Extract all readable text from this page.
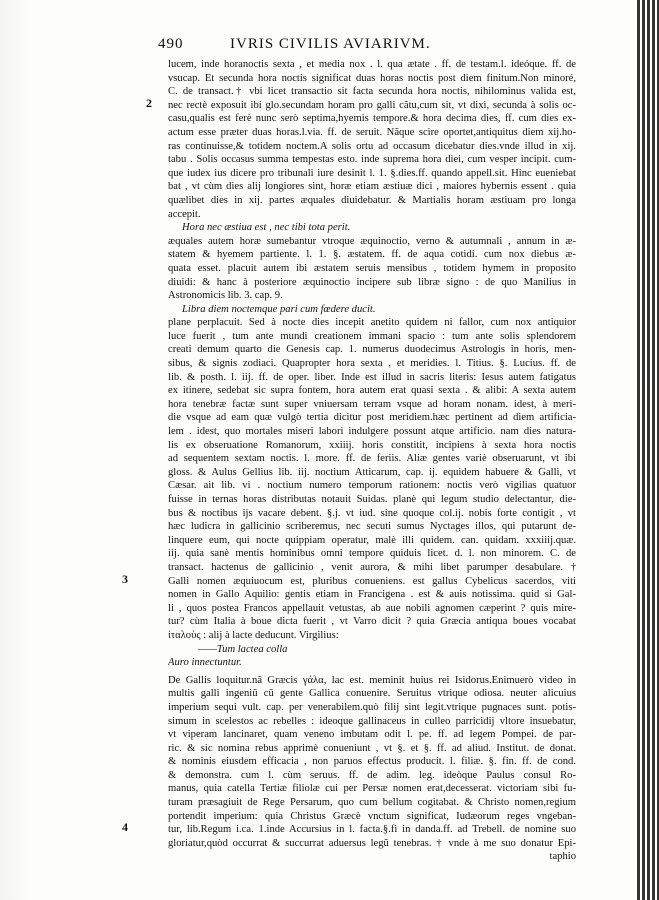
490	IVRIS CIVILIS AVIARIVM.
2
3
4
lucem, inde horanoctis sexta , et media nox . l. qua ætate . ff. de testam.l. ideóque. ff. de
vsucap. Et secunda hora noctis significat duas horas noctis post diem finitum.Non minoré,
C. de transact.† vbi licet transactio sit facta secunda hora noctis, nihilominus valida est,
nec rectè exposuit ibi glo.secundam horam pro galli cãtu,cum sit, vt dixi, secunda à solis oc-
casu,qualis est ferè nunc serò septima,hyemis tempore.& hora decima dies, ff. cum dies ex-
actum esse præter duas horas.l.via. ff. de seruit. Nãque scire oportet,antiquitus diem xij.ho-
ras continuisse,& totidem noctem.A solis ortu ad occasum dicebatur dies.vnde illud in xij.
tabu . Solis occasus summa tempestas esto. inde suprema hora diei, cum vesper incipit. cum-
que iudex ius dicere pro tribunali iure desinit l. 1. §.dies.ff. quando appell.sit. Hinc eueniebat
bat , vt cùm dies alij longiores sint, horæ etiam æstiuæ dici , maiores hybernis essent . quia
quælibet dies in xij. partes æquales diuidebatur. & Martialis horam æstiuam pro longa
accepit.
Hora nec æstiua est , nec tibi tota perit.
æquales autem horæ sumebantur vtroque æquinoctio, verno & autumnali , annum in æ-
statem & hyemem partiente. l. 1. §. æstatem. ff. de aqua cotidi. cum nox diebus æ-
quata esset. placuit autem ibi æstatem seruis mensibus , totidem hymem in proposito
diuidi: & hanc à posteriore æquinoctio incipere sub libræ signo : de quo Manilius in
Astronomicis lib. 3. cap. 9.
Libra diem noctemque pari cum fœdere ducit.
plane perplacuit. Sed à nocte dies incepit anetito quidem ni fallor, cum nox antiquior
luce fuerit , tum ante mundi creationem immani spacio : tum ante solis splendorem
creati demum quarto die Genesis cap. 1. numerus duodecimus Astrologis in horis, men-
sibus, & signis zodiaci. Quapropter hora sexta , et meridies. l. Titius. §. Lucius. ff. de
lib. & posth. l. iij. ff. de oper. liber. Inde est illud in sacris literis: Iesus autem fatigatus
ex itinere, sedebat sic supra fontem, hora autem erat quasi sexta . & alibi: A sexta autem
hora tenebræ factæ sunt super vniuersam terram vsque ad horam nonam. idest, à meri-
die vsque ad eam quæ vulgò tertia dicitur post meridiem.hæc pertinent ad diem artificia-
lem . idest, quo mortales miseri labori indulgere possunt atque artificio. nam dies natura-
lis ex obseruatione Romanorum, xxiiij. horis constitit, incipiens à sexta hora noctis
ad sequentem sextam noctis. l. more. ff. de feriis. Aliæ gentes variè obseruarunt, vt ibi
gloss. & Aulus Gellius lib. iij. noctium Atticarum, cap. ij. equidem habuere & Galli, vt
Cæsar. ait lib. vi . noctium numero temporum rationem: noctis verò vigilias quatuor
fuisse in ternas horas distributas notauit Suidas. planè qui legum studio delectantur, die-
bus & noctibus ijs vacare debent. §.j. vt iud. sine quoque col.ij. nobis forte contigit , vt
hæc ludicra in gallicinio scriberemus, nec secuti sumus Nyctages illos, qui putarunt de-
linquere eum, qui nocte quippiam operatur, malè illi quidem. can. quidam. xxxiiij.quæ.
iij. quia sanè mentis hominibus omni tempore quiduis licet. d. l. non minorem. C. de
transact. hactenus de gallicinio , venit aurora, & mihi libet parumper desabulare. †
Galli nomen æquiuocum est, pluribus conueniens. est gallus Cybelicus sacerdos, viti
nomen in Gallo Aquilio: gentis etiam in Francigena . est & auis notissima. quid si Gal-
li , quos postea Francos appellauit vetustas, ab aue nobili agnomen cæperint ? quis mire-
tur? cùm Italia à boue dicta fuerit , vt Varro dicit ? quia Græcia antiqua boues vocabat
ἰταλοὺς : alij à lacte deducunt. Virgilius:
——Tum lactea colla
Auro innectuntur.
De Gallis loquitur.nã Græcis γάλα, lac est. meminit huius rei Isidorus.Enimuerò video in
multis galli ingeniũ cũ gente Gallica conuenire. Seruitus vtrique odiosa. neuter alicuius
imperium sequi vult. cap. per venerabilem.quò filij sint legit.vtrique pugnaces sunt. potis-
simum in scelestos ac rebelles : ideoque gallinaceus in culleo parricidij vltore insuebatur,
vt viperam lancinaret, quam veneno imbutam odit l. pe. ff. ad legem Pompei. de par-
ric. & sic nomina rebus apprimè conueniunt , vt §. et §. ff. ad aliud. Institut. de donat.
& nominis eiusdem efficacia , non paruos effectus producit. l. filiæ. §. fin. ff. de cond.
& demonstra. cum l. cùm seruus. ff. de adim. leg. ideòque Paulus consul Ro-
manus, quia catella Tertiæ filiolæ cui per Persæ nomen erat,decesserat. victoriam sibi fu-
turam præsagiuit de Rege Persarum, quo cum bellum cogitabat. & Christo nomen,regium
portendit imperium: quia Christus Græcè vnctum significat, Iudæorum reges vngeban-
tur, lib.Regum i.ca. 1.inde Accursius in l. facta.§.fi in danda.ff. ad Trebell. de nomine suo
gloriatur,quòd occurrat & succurrat aduersus legũ tenebras. † vnde à me suo donatur Epi-
taphio
